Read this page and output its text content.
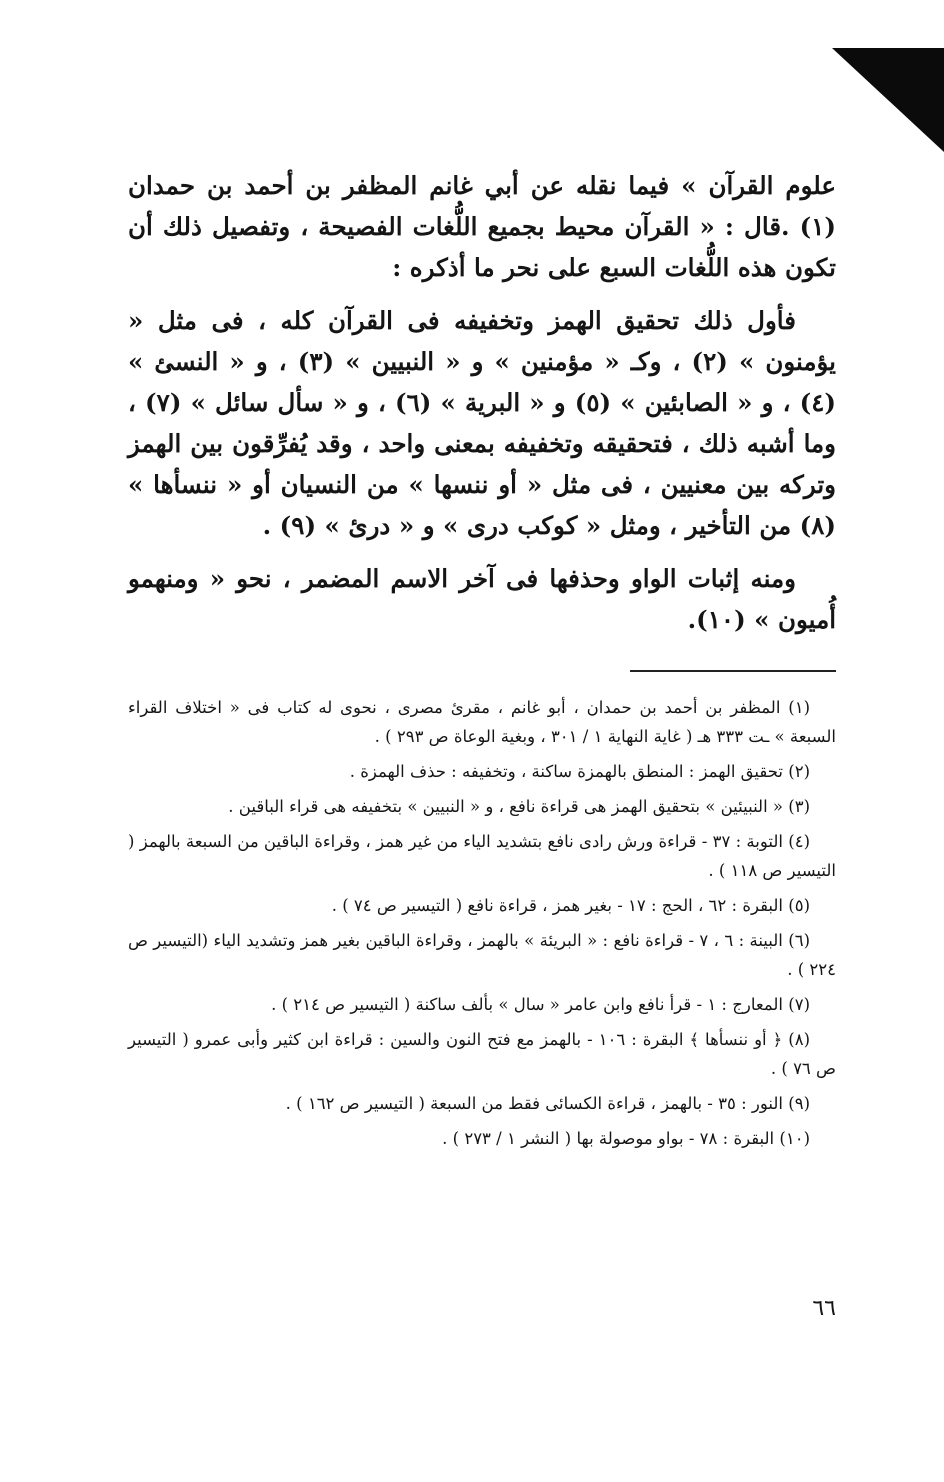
علوم القرآن » فيما نقله عن أبي غانم المظفر بن أحمد بن حمدان (١) .قال : « القرآن محيط بجميع اللُّغات الفصيحة ، وتفصيل ذلك أن تكون هذه اللُّغات السبع على نحر ما أذكره :

فأول ذلك تحقيق الهمز وتخفيفه فى القرآن كله ، فى مثل « يؤمنون » (٢) ، وكـ « مؤمنين » و « النبيين » (٣) ، و « النسئ » (٤) ، و « الصابئين » (٥) و « البرية » (٦) ، و « سأل سائل » (٧) ، وما أشبه ذلك ، فتحقيقه وتخفيفه بمعنى واحد ، وقد يُفرِّقون بين الهمز وتركه بين معنيين ، فى مثل « أو ننسها » من النسيان أو « ننسأها » (٨) من التأخير ، ومثل « كوكب درى » و « درئ » (٩) .

ومنه إثبات الواو وحذفها فى آخر الاسم المضمر ، نحو « ومنهمو أُميون » (١٠).

(١) المظفر بن أحمد بن حمدان ، أبو غانم ، مقرئ مصرى ، نحوى له كتاب فى « اختلاف القراء السبعة » ـت ٣٣٣ هـ ( غاية النهاية ١ / ٣٠١ ، وبغية الوعاة ص ٢٩٣ ) .

(٢) تحقيق الهمز : المنطق بالهمزة ساكنة ، وتخفيفه : حذف الهمزة .

(٣) « النبيئين » بتحقيق الهمز هى قراءة نافع ، و « النبيين » بتخفيفه هى قراء الباقين .

(٤) التوبة : ٣٧ - قراءة ورش رادى نافع بتشديد الياء من غير همز ، وقراءة الباقين من السبعة بالهمز ( التيسير ص ١١٨ ) .

(٥) البقرة : ٦٢ ، الحج : ١٧ - بغير همز ، قراءة نافع ( التيسير ص ٧٤ ) .

(٦) البينة : ٦ ، ٧ - قراءة نافع : « البريئة » بالهمز ، وقراءة الباقين بغير همز وتشديد الياء (التيسير ص ٢٢٤ ) .

(٧) المعارج : ١ - قرأ نافع وابن عامر « سال » بألف ساكنة ( التيسير ص ٢١٤ ) .

(٨) ﴿ أو ننسأها ﴾ البقرة : ١٠٦ - بالهمز مع فتح النون والسين : قراءة ابن كثير وأبى عمرو ( التيسير ص ٧٦ ) .

(٩) النور : ٣٥ - بالهمز ، قراءة الكسائى فقط من السبعة ( التيسير ص ١٦٢ ) .

(١٠) البقرة : ٧٨ - بواو موصولة بها ( النشر ١ / ٢٧٣ ) .

٦٦
